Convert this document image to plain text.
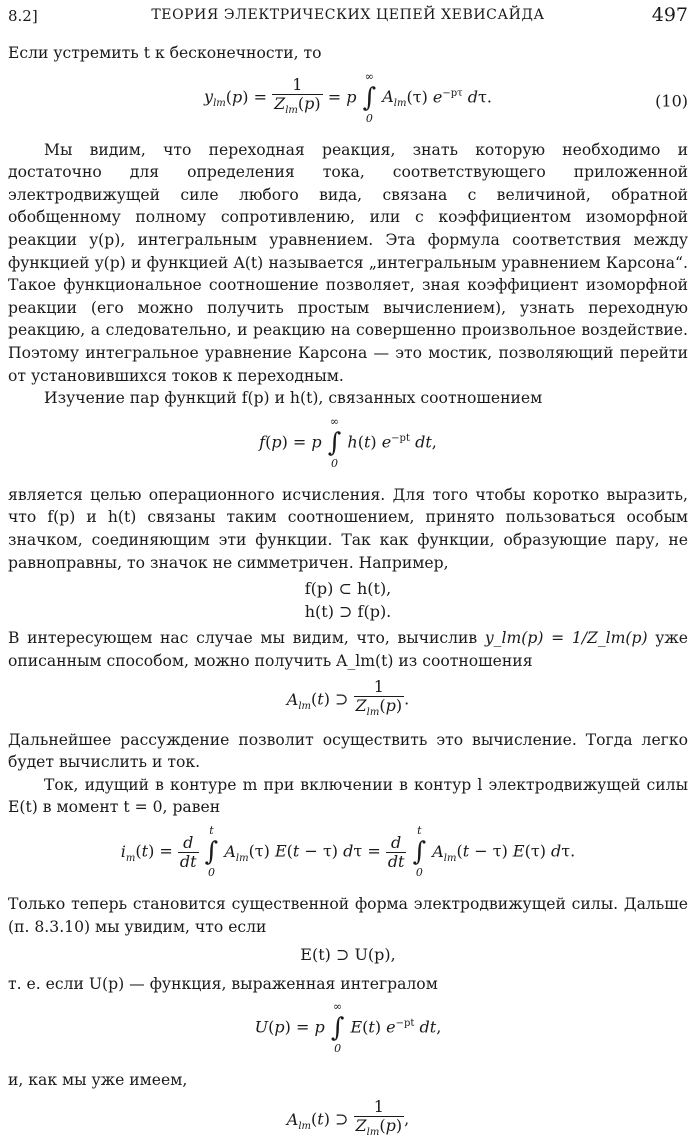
8.2]	ТЕОРИЯ ЭЛЕКТРИЧЕСКИХ ЦЕПЕЙ ХЕВИСАЙДА	497

Если устремить t к бесконечности, то

$y_{lm}(p) = \frac{1}{Z_{lm}(p)} = p$
∞
∫
0
$A_{lm}(\tau)$ $e^{-p\tau}$ dτ.	(10)

Мы видим, что переходная реакция, знать которую необходимо и достаточно для определения тока, соответствующего приложенной электродвижущей силе любого вида, связана с величиной, обратной обобщенному полному сопротивлению, или с коэффициентом изоморфной реакции y(p), интегральным уравнением. Эта формула соответствия между функцией y(p) и функцией A(t) называется „интегральным уравнением Карсона“. Такое функциональное соотношение позволяет, зная коэффициент изоморфной реакции (его можно получить простым вычислением), узнать переходную реакцию, а следовательно, и реакцию на совершенно произвольное воздействие. Поэтому интегральное уравнение Карсона — это мостик, позволяющий перейти от установившихся токов к переходным.

Изучение пар функций f(p) и h(t), связанных соотношением

f(p) = p
∞
∫
0
h(t) $e^{-pt}$ dt,

является целью операционного исчисления. Для того чтобы коротко выразить, что f(p) и h(t) связаны таким соотношением, принято пользоваться особым значком, соединяющим эти функции. Так как функции, образующие пару, не равноправны, то значок не симметричен. Например,

f(p) ⊂ h(t),
h(t) ⊃ f(p).

В интересующем нас случае мы видим, что, вычислив y_lm(p) = 1/Z_lm(p) уже описанным способом, можно получить A_lm(t) из соотношения

$A_{lm}(t)$ ⊃ $\frac{1}{Z_{lm}(p)}$ .

Дальнейшее рассуждение позволит осуществить это вычисление. Тогда легко будет вычислить и ток.

Ток, идущий в контуре m при включении в контур l электродвижущей силы E(t) в момент t = 0, равен

$i_m(t) = \frac{d}{dt}$

t
∫
0
$A_{lm}(\tau) E(t - \tau) d\tau = \frac{d}{dt}$

t
∫
0
$A_{lm}(t - \tau)$ E(τ) dτ.

Только теперь становится существенной форма электродвижущей силы. Дальше (п. 8.3.10) мы увидим, что если

E(t) ⊃ U(p),

т. е. если U(p) — функция, выраженная интегралом

U(p) = p
∞
∫
0
E(t) $e^{-pt}$ dt,

и, как мы уже имеем,

$A_{lm}(t)$ ⊃ $\frac{1}{Z_{lm}(p)}$ ,
